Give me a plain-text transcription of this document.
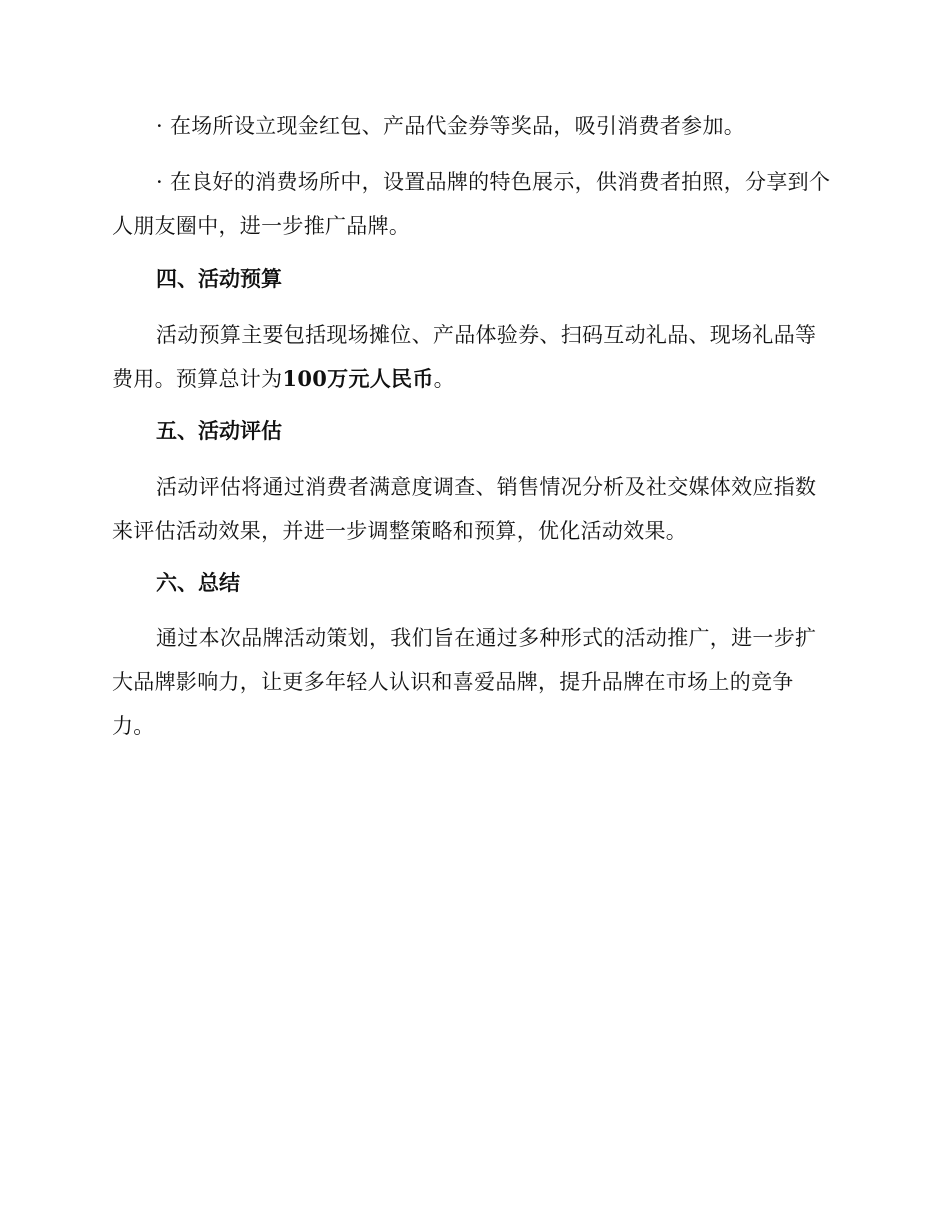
· 在场所设立现金红包、产品代金券等奖品，吸引消费者参加。

· 在良好的消费场所中，设置品牌的特色展示，供消费者拍照，分享到个人朋友圈中，进一步推广品牌。

四、活动预算

活动预算主要包括现场摊位、产品体验券、扫码互动礼品、现场礼品等费用。预算总计为100万元人民币。

五、活动评估

活动评估将通过消费者满意度调查、销售情况分析及社交媒体效应指数来评估活动效果，并进一步调整策略和预算，优化活动效果。

六、总结

通过本次品牌活动策划，我们旨在通过多种形式的活动推广，进一步扩大品牌影响力，让更多年轻人认识和喜爱品牌，提升品牌在市场上的竞争力。
